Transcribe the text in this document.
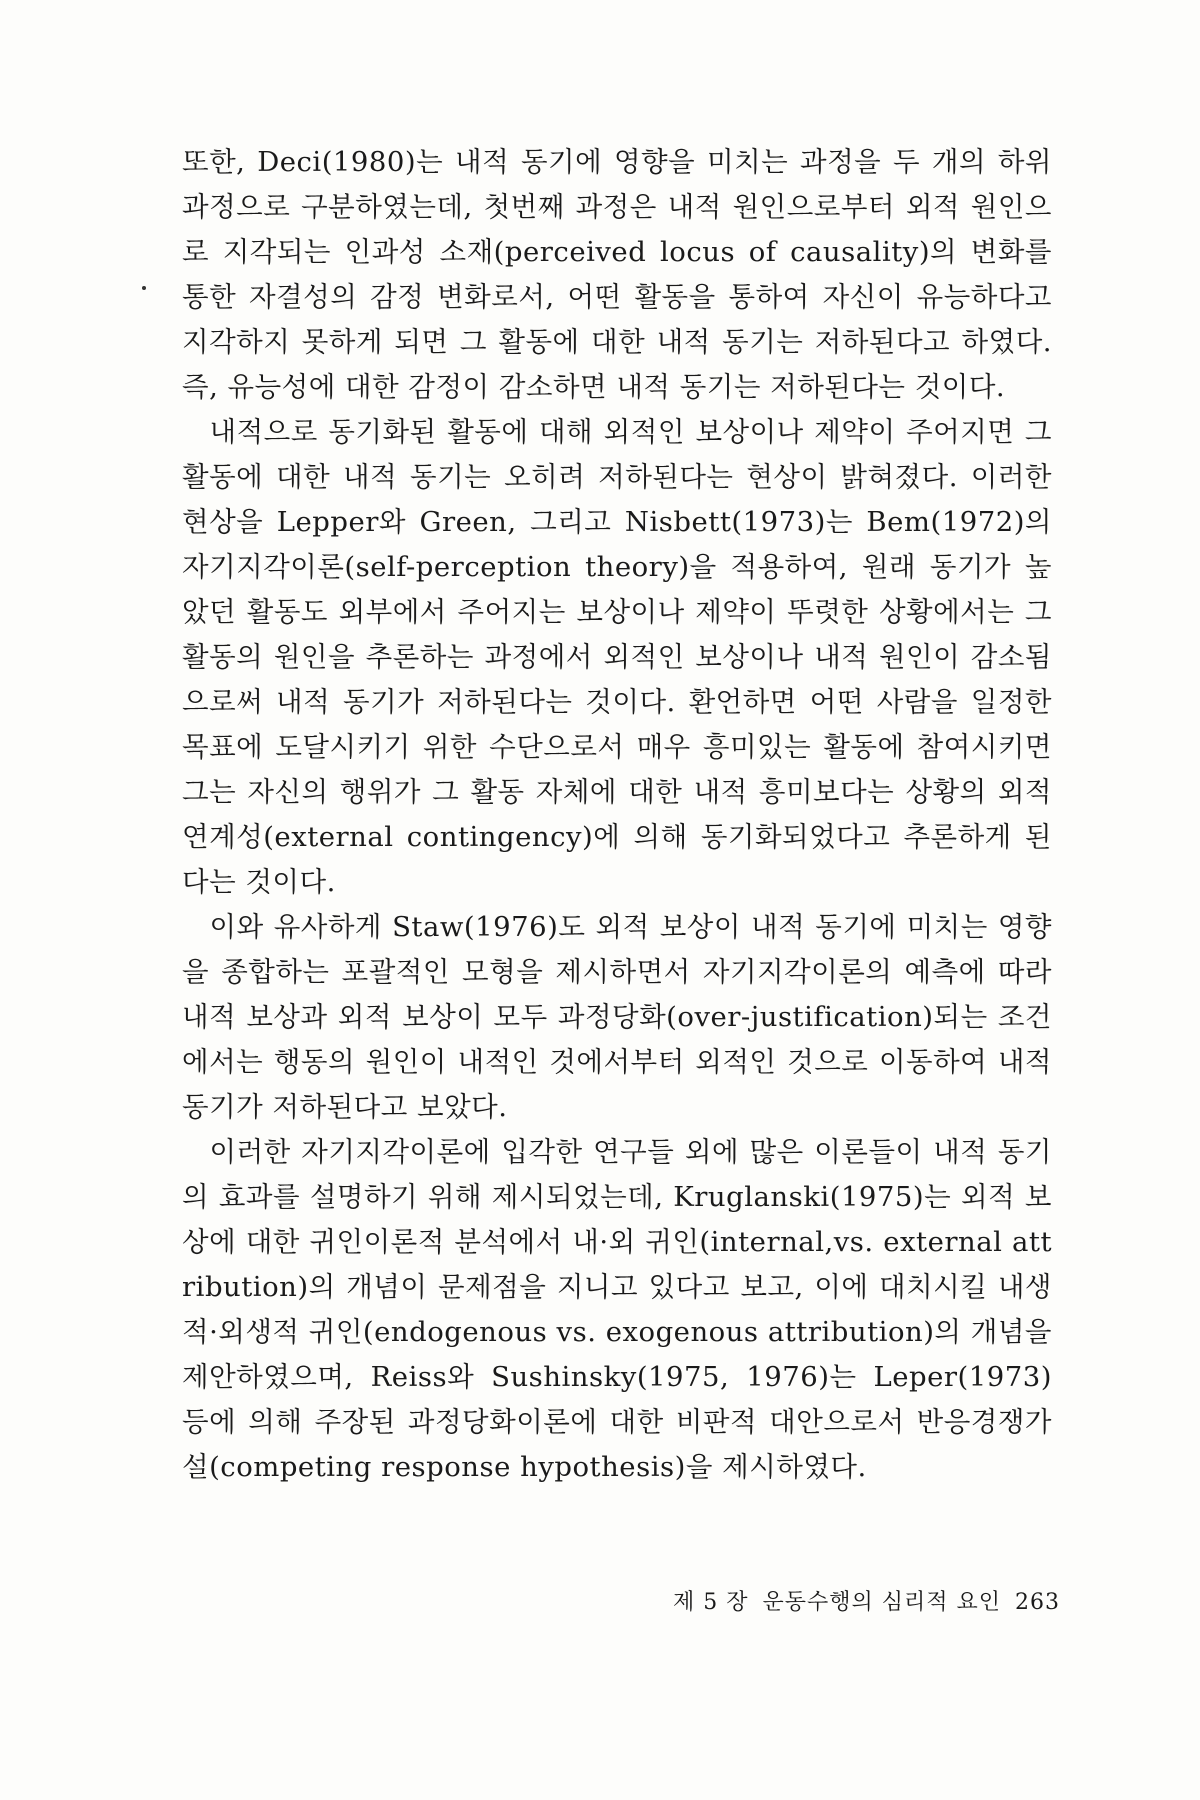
또한, Deci(1980)는 내적 동기에 영향을 미치는 과정을 두 개의 하위과정으로 구분하였는데, 첫번째 과정은 내적 원인으로부터 외적 원인으로 지각되는 인과성 소재(perceived locus of causality)의 변화를 통한 자결성의 감정 변화로서, 어떤 활동을 통하여 자신이 유능하다고 지각하지 못하게 되면 그 활동에 대한 내적 동기는 저하된다고 하였다. 즉, 유능성에 대한 감정이 감소하면 내적 동기는 저하된다는 것이다.

내적으로 동기화된 활동에 대해 외적인 보상이나 제약이 주어지면 그 활동에 대한 내적 동기는 오히려 저하된다는 현상이 밝혀졌다. 이러한 현상을 Lepper와 Green, 그리고 Nisbett(1973)는 Bem(1972)의 자기지각이론(self-perception theory)을 적용하여, 원래 동기가 높았던 활동도 외부에서 주어지는 보상이나 제약이 뚜렷한 상황에서는 그 활동의 원인을 추론하는 과정에서 외적인 보상이나 내적 원인이 감소됨으로써 내적 동기가 저하된다는 것이다. 환언하면 어떤 사람을 일정한 목표에 도달시키기 위한 수단으로서 매우 흥미있는 활동에 참여시키면 그는 자신의 행위가 그 활동 자체에 대한 내적 흥미보다는 상황의 외적 연계성(external contingency)에 의해 동기화되었다고 추론하게 된다는 것이다.

이와 유사하게 Staw(1976)도 외적 보상이 내적 동기에 미치는 영향을 종합하는 포괄적인 모형을 제시하면서 자기지각이론의 예측에 따라 내적 보상과 외적 보상이 모두 과정당화(over-justification)되는 조건에서는 행동의 원인이 내적인 것에서부터 외적인 것으로 이동하여 내적 동기가 저하된다고 보았다.

이러한 자기지각이론에 입각한 연구들 외에 많은 이론들이 내적 동기의 효과를 설명하기 위해 제시되었는데, Kruglanski(1975)는 외적 보상에 대한 귀인이론적 분석에서 내·외 귀인(internal,vs. external attribution)의 개념이 문제점을 지니고 있다고 보고, 이에 대치시킬 내생적·외생적 귀인(endogenous vs. exogenous attribution)의 개념을 제안하였으며, Reiss와 Sushinsky(1975, 1976)는 Leper(1973) 등에 의해 주장된 과정당화이론에 대한 비판적 대안으로서 반응경쟁가설(competing response hypothesis)을 제시하였다.

제 5 장 운동수행의 심리적 요인 263
